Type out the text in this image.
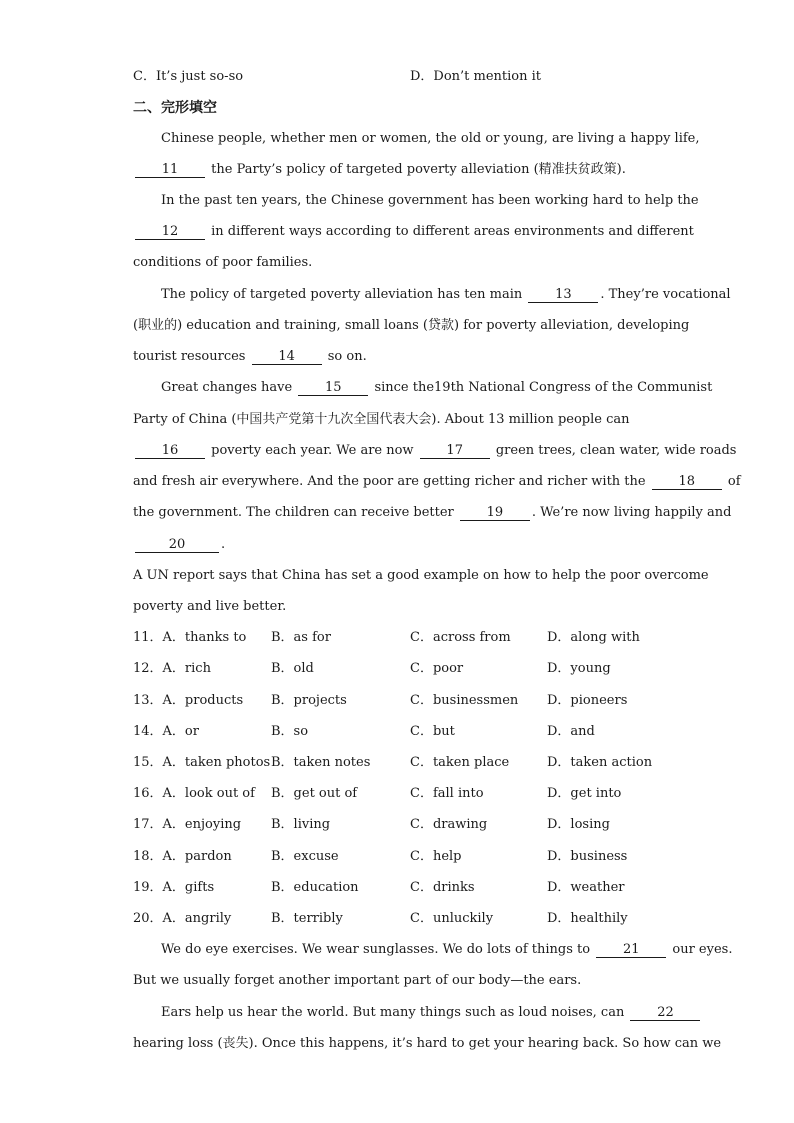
C．It’s just so-so	D．Don’t mention it
二、完形填空
Chinese people, whether men or women, the old or young, are living a happy life,
11	the Party’s policy of targeted poverty alleviation (精准扶贫政策).
In the past ten years, the Chinese government has been working hard to help the
12	in different ways according to different areas environments and different
conditions of poor families.
The policy of targeted poverty alleviation has ten main	13 . They’re vocational
(职业的) education and training, small loans (贷款) for poverty alleviation, developing
tourist resources	14	so on.
Great changes have	15	since the19th National Congress of the Communist
Party of China (中国共产党第十九次全国代表大会). About 13 million people can
16	poverty each year. We are now	17	green trees, clean water, wide roads
and fresh air everywhere. And the poor are getting richer and richer with the	18	of
the government. The children can receive better	19 . We’re now living happily and
20	.
A UN report says that China has set a good example on how to help the poor overcome
poverty and live better.
11．A．thanks to B．as for	C．across from	D．along with
12．A．rich	B．old	C．poor	D．young
13．A．products B．projects	C．businessmen D．pioneers
14．A．or	B．so	C．but	D．and
15．A．taken photos B．taken notes	C．taken place	D．taken action
16．A．look out of B．get out of	C．fall into	D．get into
17．A．enjoying B．living	C．drawing	D．losing
18．A．pardon	B．excuse	C．help	D．business
19．A．gifts	B．education	C．drinks	D．weather
20．A．angrily	B．terribly	C．unluckily	D．healthily
We do eye exercises. We wear sunglasses. We do lots of things to	21	our eyes.
But we usually forget another important part of our body—the ears.
Ears help us hear the world. But many things such as loud noises, can	22
hearing loss (丧失). Once this happens, it’s hard to get your hearing back. So how can we
